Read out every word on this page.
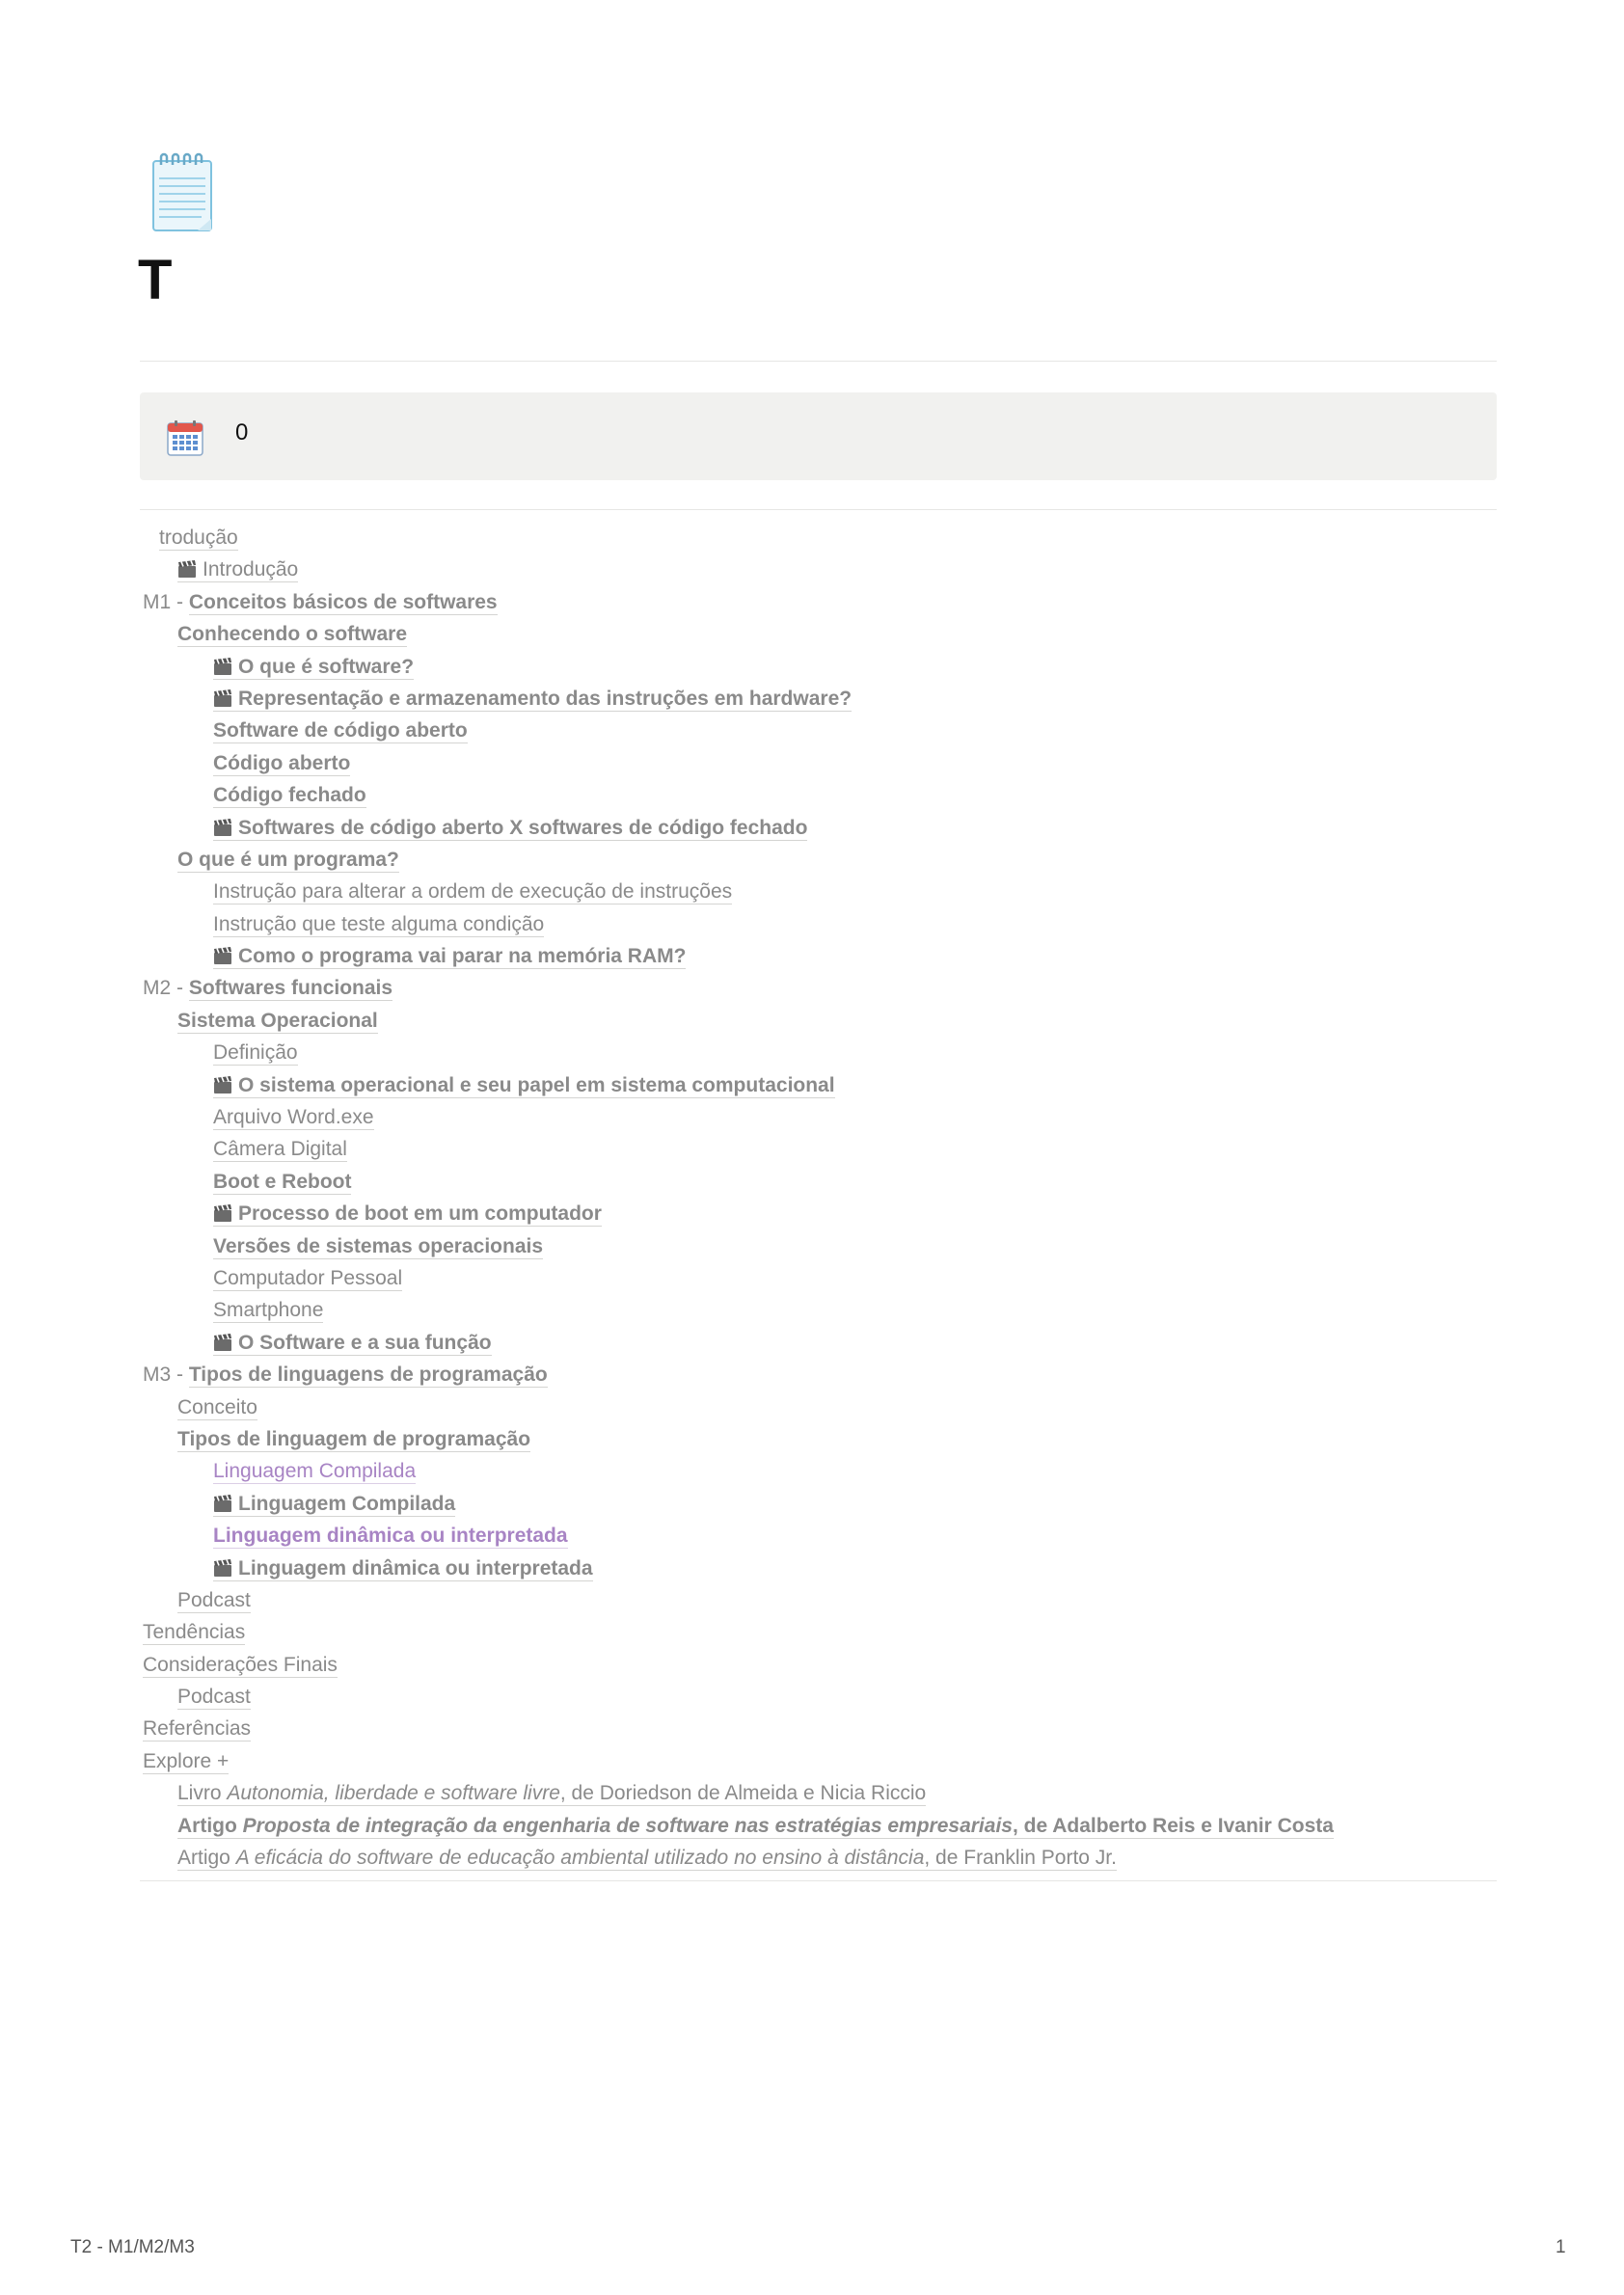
T
0
trodução
Introdução
M1 - Conceitos básicos de softwares
Conhecendo o software
O que é software?
Representação e armazenamento das instruções em hardware?
Software de código aberto
Código aberto
Código fechado
Softwares de código aberto X softwares de código fechado
O que é um programa?
Instrução para alterar a ordem de execução de instruções
Instrução que teste alguma condição
Como o programa vai parar na memória RAM?
M2 - Softwares funcionais
Sistema Operacional
Definição
O sistema operacional e seu papel em sistema computacional
Arquivo Word.exe
Câmera Digital
Boot e Reboot
Processo de boot em um computador
Versões de sistemas operacionais
Computador Pessoal
Smartphone
O Software e a sua função
M3 - Tipos de linguagens de programação
Conceito
Tipos de linguagem de programação
Linguagem Compilada
Linguagem Compilada
Linguagem dinâmica ou interpretada
Linguagem dinâmica ou interpretada
Podcast
Tendências
Considerações Finais
Podcast
Referências
Explore +
Livro Autonomia, liberdade e software livre, de Doriedson de Almeida e Nicia Riccio
Artigo Proposta de integração da engenharia de software nas estratégias empresariais, de Adalberto Reis e Ivanir Costa
Artigo A eficácia do software de educação ambiental utilizado no ensino à distância, de Franklin Porto Jr.
T2 - M1/M2/M3	1
